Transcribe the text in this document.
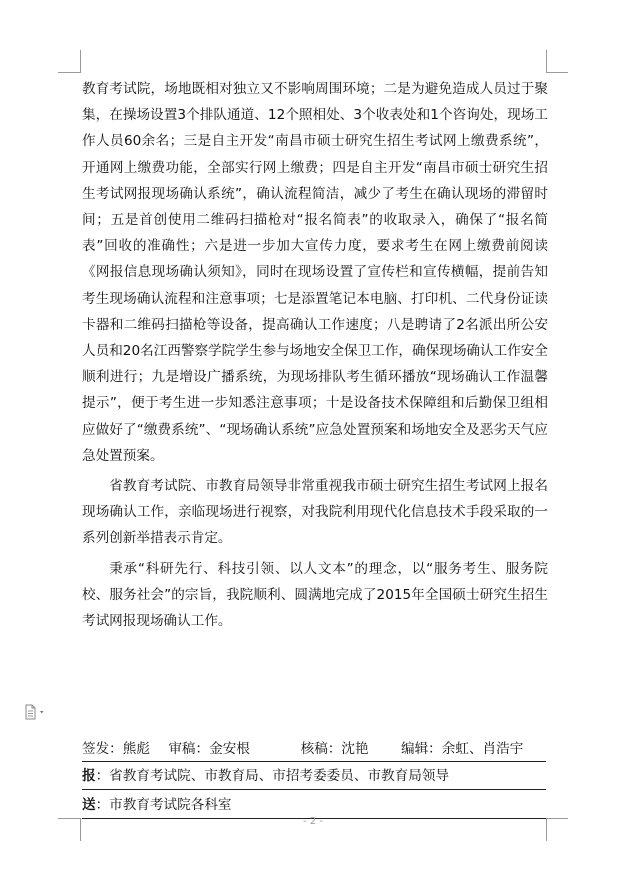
教育考试院，场地既相对独立又不影响周围环境；二是为避免造成人员过于聚集，在操场设置3个排队通道、12个照相处、3个收表处和1个咨询处，现场工作人员60余名；三是自主开发“南昌市硕士研究生招生考试网上缴费系统”，开通网上缴费功能，全部实行网上缴费；四是自主开发“南昌市硕士研究生招生考试网报现场确认系统”，确认流程简洁，减少了考生在确认现场的滞留时间；五是首创使用二维码扫描枪对“报名简表”的收取录入，确保了“报名简表”回收的准确性；六是进一步加大宣传力度，要求考生在网上缴费前阅读《网报信息现场确认须知》，同时在现场设置了宣传栏和宣传横幅，提前告知考生现场确认流程和注意事项；七是添置笔记本电脑、打印机、二代身份证读卡器和二维码扫描枪等设备，提高确认工作速度；八是聘请了2名派出所公安人员和20名江西警察学院学生参与场地安全保卫工作，确保现场确认工作安全顺利进行；九是增设广播系统，为现场排队考生循环播放“现场确认工作温馨提示”，便于考生进一步知悉注意事项；十是设备技术保障组和后勤保卫组相应做好了“缴费系统”、“现场确认系统”应急处置预案和场地安全及恶劣天气应急处置预案。

省教育考试院、市教育局领导非常重视我市硕士研究生招生考试网上报名现场确认工作，亲临现场进行视察，对我院利用现代化信息技术手段采取的一系列创新举措表示肯定。

秉承“科研先行、科技引领、以人文本”的理念，以“服务考生、服务院校、服务社会”的宗旨，我院顺利、圆满地完成了2015年全国硕士研究生招生考试网报现场确认工作。

签发：熊彪 审稿：金安根	核稿：沈艳 编辑：余虹、肖浩宇
报：省教育考试院、市教育局、市招考委委员、市教育局领导
送：市教育考试院各科室
- 2 -
